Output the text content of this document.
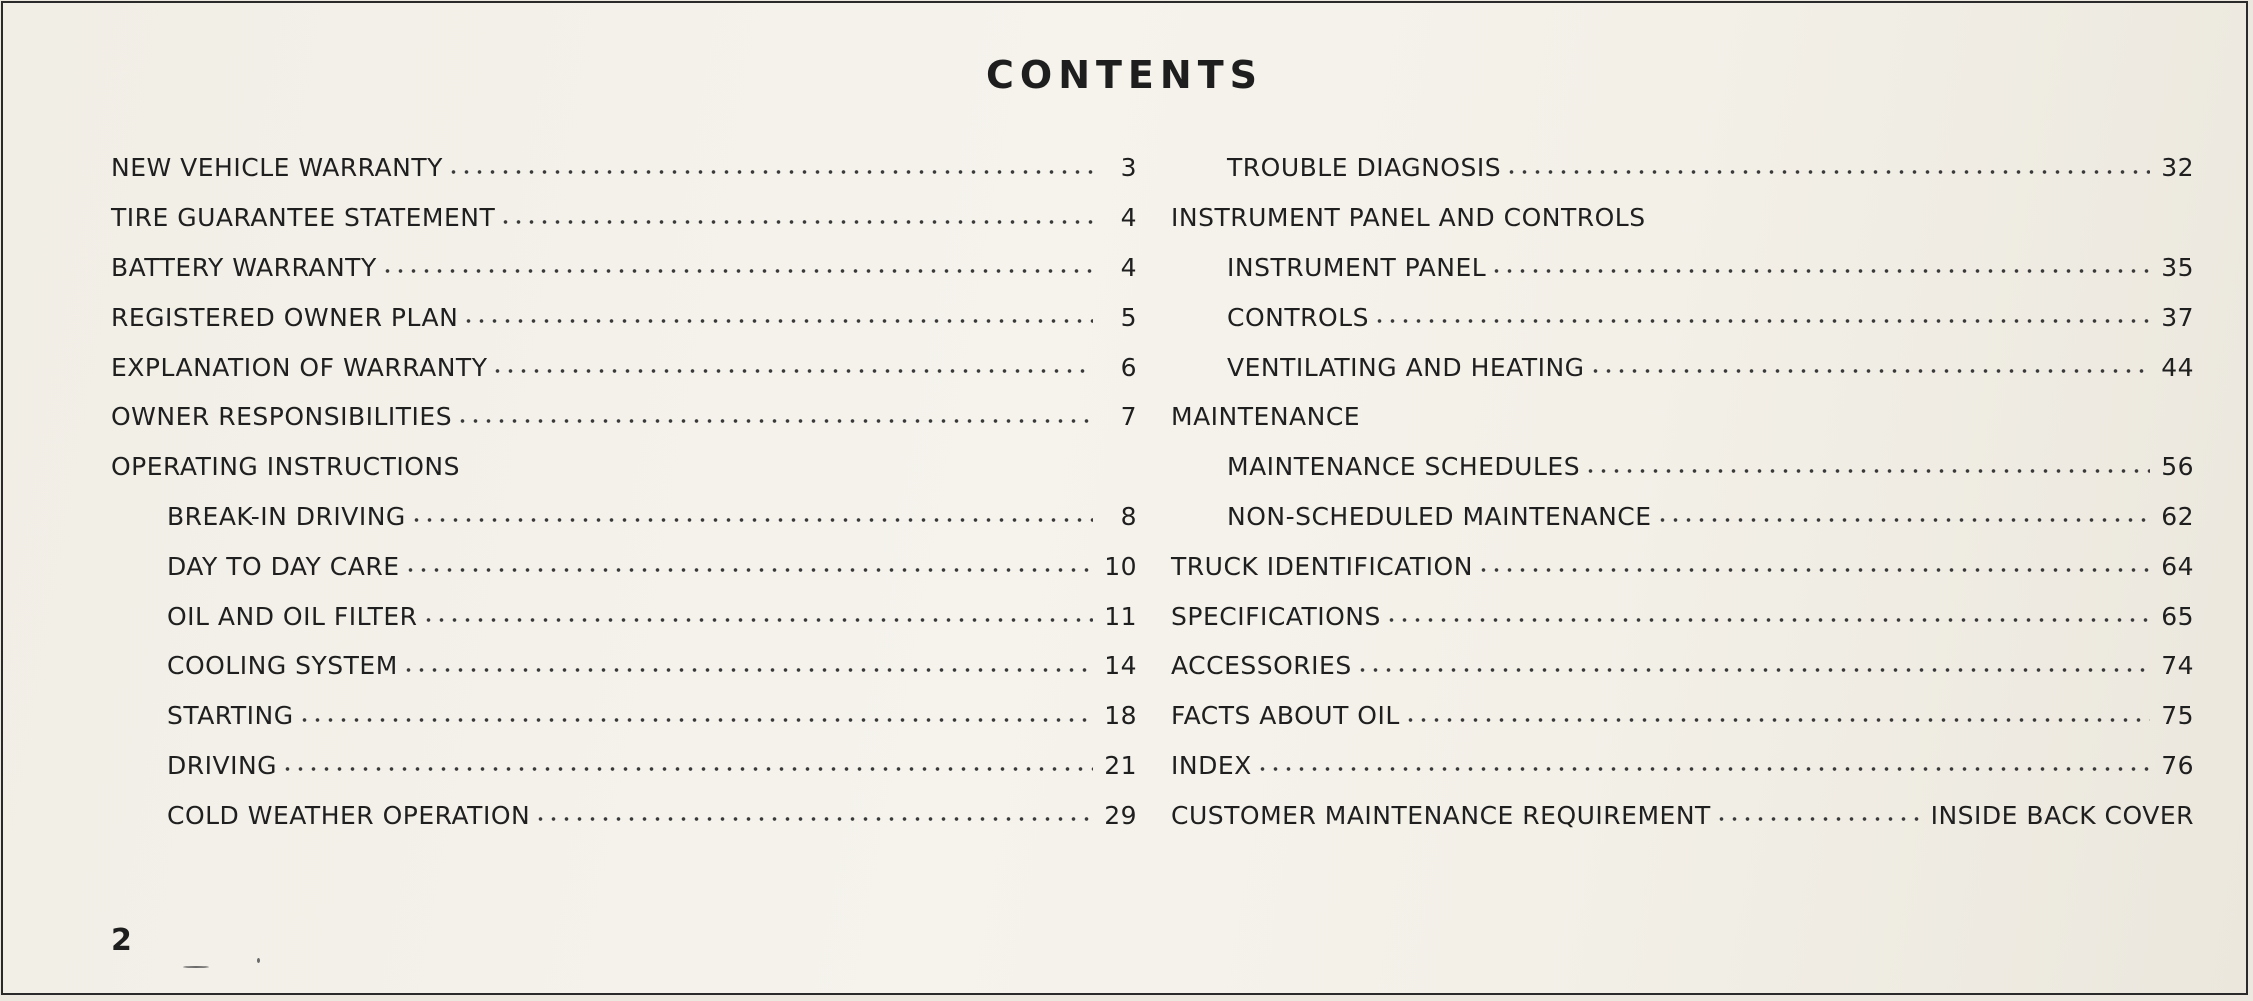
CONTENTS
NEW VEHICLE WARRANTY	3
TIRE GUARANTEE STATEMENT	4
BATTERY WARRANTY	4
REGISTERED OWNER PLAN	5
EXPLANATION OF WARRANTY	6
OWNER RESPONSIBILITIES	7
OPERATING INSTRUCTIONS
BREAK-IN DRIVING	8
DAY TO DAY CARE	10
OIL AND OIL FILTER	11
COOLING SYSTEM	14
STARTING	18
DRIVING	21
COLD WEATHER OPERATION	29
TROUBLE DIAGNOSIS	32
INSTRUMENT PANEL AND CONTROLS
INSTRUMENT PANEL	35
CONTROLS	37
VENTILATING AND HEATING	44
MAINTENANCE
MAINTENANCE SCHEDULES	56
NON-SCHEDULED MAINTENANCE	62
TRUCK IDENTIFICATION	64
SPECIFICATIONS	65
ACCESSORIES	74
FACTS ABOUT OIL	75
INDEX	76
CUSTOMER MAINTENANCE REQUIREMENT	INSIDE BACK COVER
2
